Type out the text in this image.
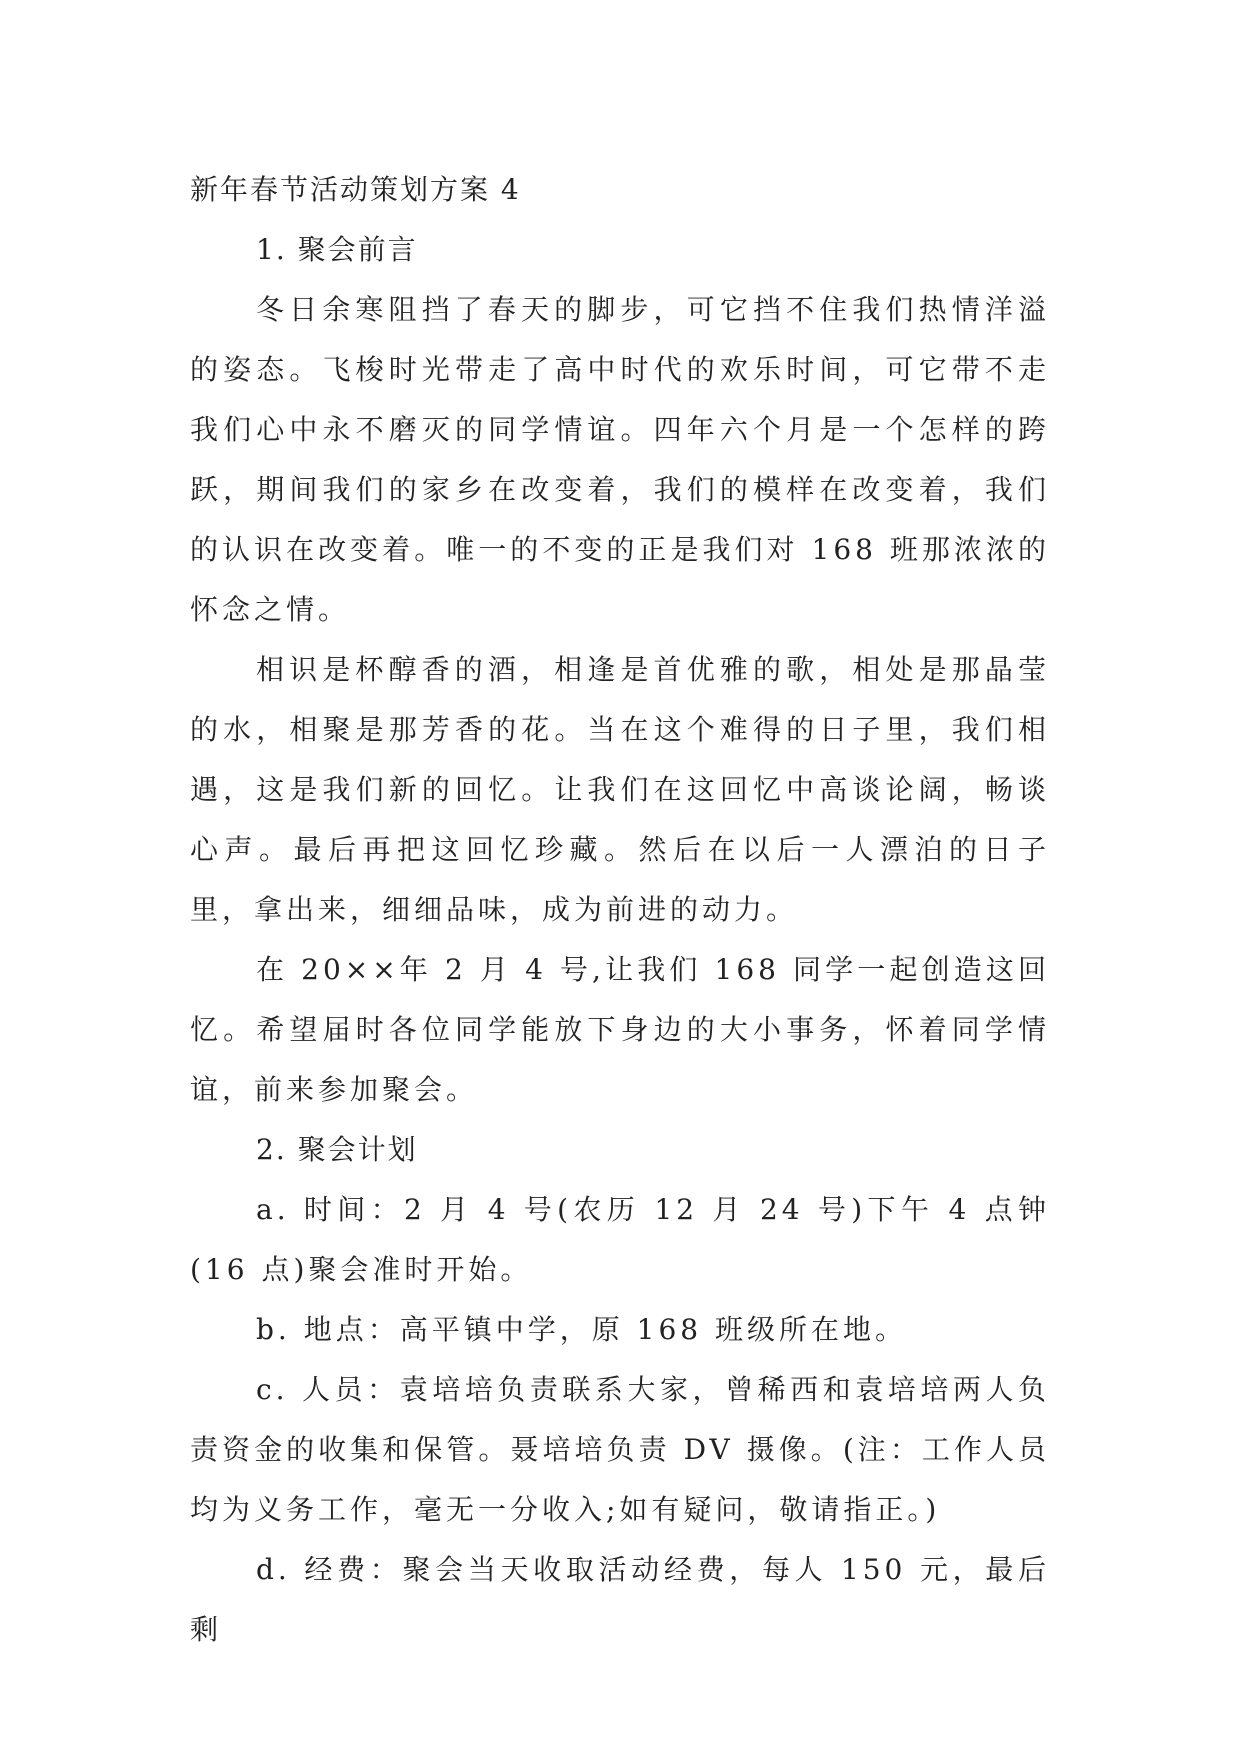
新年春节活动策划方案 4

1. 聚会前言

冬日余寒阻挡了春天的脚步，可它挡不住我们热情洋溢的姿态。飞梭时光带走了高中时代的欢乐时间，可它带不走我们心中永不磨灭的同学情谊。四年六个月是一个怎样的跨跃，期间我们的家乡在改变着，我们的模样在改变着，我们的认识在改变着。唯一的不变的正是我们对 168 班那浓浓的怀念之情。

相识是杯醇香的酒，相逢是首优雅的歌，相处是那晶莹的水，相聚是那芳香的花。当在这个难得的日子里，我们相遇，这是我们新的回忆。让我们在这回忆中高谈论阔，畅谈心声。最后再把这回忆珍藏。然后在以后一人漂泊的日子里，拿出来，细细品味，成为前进的动力。

在 20××年 2 月 4 号,让我们 168 同学一起创造这回忆。希望届时各位同学能放下身边的大小事务，怀着同学情谊，前来参加聚会。

2. 聚会计划

a. 时间：2 月 4 号(农历 12 月 24 号)下午 4 点钟(16 点)聚会准时开始。

b. 地点：高平镇中学，原 168 班级所在地。

c. 人员：袁培培负责联系大家，曾稀西和袁培培两人负责资金的收集和保管。聂培培负责 DV 摄像。(注：工作人员均为义务工作，毫无一分收入;如有疑问，敬请指正。)

d. 经费：聚会当天收取活动经费，每人 150 元，最后剩
